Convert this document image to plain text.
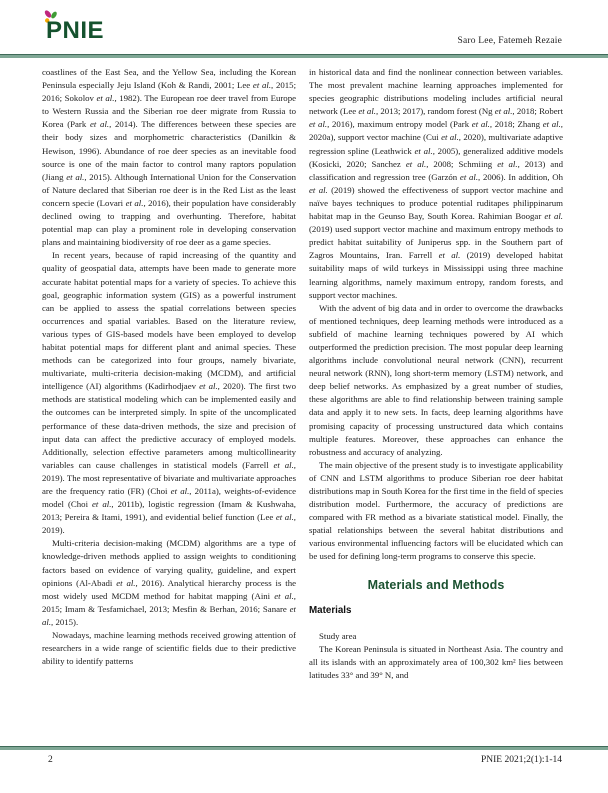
PNIE	Saro Lee, Fatemeh Rezaie

coastlines of the East Sea, and the Yellow Sea, including the Korean Peninsula especially Jeju Island (Koh & Randi, 2001; Lee et al., 2015; 2016; Sokolov et al., 1982). The European roe deer travel from Europe to Western Russia and the Siberian roe deer migrate from Russia to Korea (Park et al., 2014). The differences between these species are their body sizes and morphometric characteristics (Danilkin & Hewison, 1996). Abundance of roe deer species as an inevitable food source is one of the main factor to control many raptors population (Jiang et al., 2015). Although International Union for the Conservation of Nature declared that Siberian roe deer is in the Red List as the least concern specie (Lovari et al., 2016), their population have considerably declined owing to trapping and overhunting. Therefore, habitat potential map can play a prominent role in developing conservation plans and maintaining biodiversity of roe deer as a game species.

In recent years, because of rapid increasing of the quantity and quality of geospatial data, attempts have been made to generate more accurate habitat potential maps for a variety of species. To achieve this goal, geographic information system (GIS) as a powerful instrument can be applied to assess the spatial correlations between species occurrences and spatial variables. Based on the literature review, various types of GIS-based models have been employed to develop habitat potential maps for different plant and animal species. These methods can be categorized into four groups, namely bivariate, multivariate, multi-criteria decision-making (MCDM), and artificial intelligence (AI) algorithms (Kadirhodjaev et al., 2020). The first two methods are statistical modeling which can be implemented easily and the outcomes can be interpreted simply. In spite of the uncomplicated performance of these data-driven methods, the size and precision of input data can affect the predictive accuracy of employed models. Additionally, selection effective parameters among multicollinearity variables can cause challenges in statistical models (Farrell et al., 2019). The most representative of bivariate and multivariate approaches are the frequency ratio (FR) (Choi et al., 2011a), weights-of-evidence model (Choi et al., 2011b), logistic regression (Imam & Kushwaha, 2013; Pereira & Itami, 1991), and evidential belief function (Lee et al., 2019).

Multi-criteria decision-making (MCDM) algorithms are a type of knowledge-driven methods applied to assign weights to conditioning factors based on evidence of varying quality, guideline, and expert opinions (Al-Abadi et al., 2016). Analytical hierarchy process is the most widely used MCDM method for habitat mapping (Aini et al., 2015; Imam & Tesfamichael, 2013; Mesfin & Berhan, 2016; Sanare et al., 2015).

Nowadays, machine learning methods received growing attention of researchers in a wide range of scientific fields due to their predictive ability to identify patterns

in historical data and find the nonlinear connection between variables. The most prevalent machine learning approaches implemented for species geographic distributions modeling includes artificial neural network (Lee et al., 2013; 2017), random forest (Ng et al., 2018; Robert et al., 2016), maximum entropy model (Park et al., 2018; Zhang et al., 2020a), support vector machine (Cui et al., 2020), multivariate adaptive regression spline (Leathwick et al., 2005), generalized additive models (Kosicki, 2020; Sanchez et al., 2008; Schmiing et al., 2013) and classification and regression tree (Garzón et al., 2006). In addition, Oh et al. (2019) showed the effectiveness of support vector machine and naïve bayes techniques to produce potential ruditapes philippinarum habitat map in the Geunso Bay, South Korea. Rahimian Boogar et al. (2019) used support vector machine and maximum entropy methods to predict habitat suitability of Juniperus spp. in the Southern part of Zagros Mountains, Iran. Farrell et al. (2019) developed habitat suitability maps of wild turkeys in Mississippi using three machine learning algorithms, namely maximum entropy, random forests, and support vector machines.

With the advent of big data and in order to overcome the drawbacks of mentioned techniques, deep learning methods were introduced as a subfield of machine learning techniques powered by AI which outperformed the prediction precision. The most popular deep learning algorithms include convolutional neural network (CNN), recurrent neural network (RNN), long short-term memory (LSTM) network, and deep belief networks. As emphasized by a great number of studies, these algorithms are able to find relationship between training sample data and apply it to new sets. In facts, deep learning algorithms have promising capacity of processing unstructured data which contains multiple features. Moreover, these approaches can enhance the robustness and accuracy of analyzing.

The main objective of the present study is to investigate applicability of CNN and LSTM algorithms to produce Siberian roe deer habitat distributions map in South Korea for the first time in the field of species distribution model. Furthermore, the accuracy of predictions are compared with FR method as a bivariate statistical model. Finally, the spatial relationships between the several habitat distributions and various environmental influencing factors will be elucidated which can be used for defining long-term programs to conserve this specie.

Materials and Methods
Materials
Study area

The Korean Peninsula is situated in Northeast Asia. The country and all its islands with an approximately area of 100,302 km² lies between latitudes 33° and 39° N, and

2	PNIE 2021;2(1):1-14
